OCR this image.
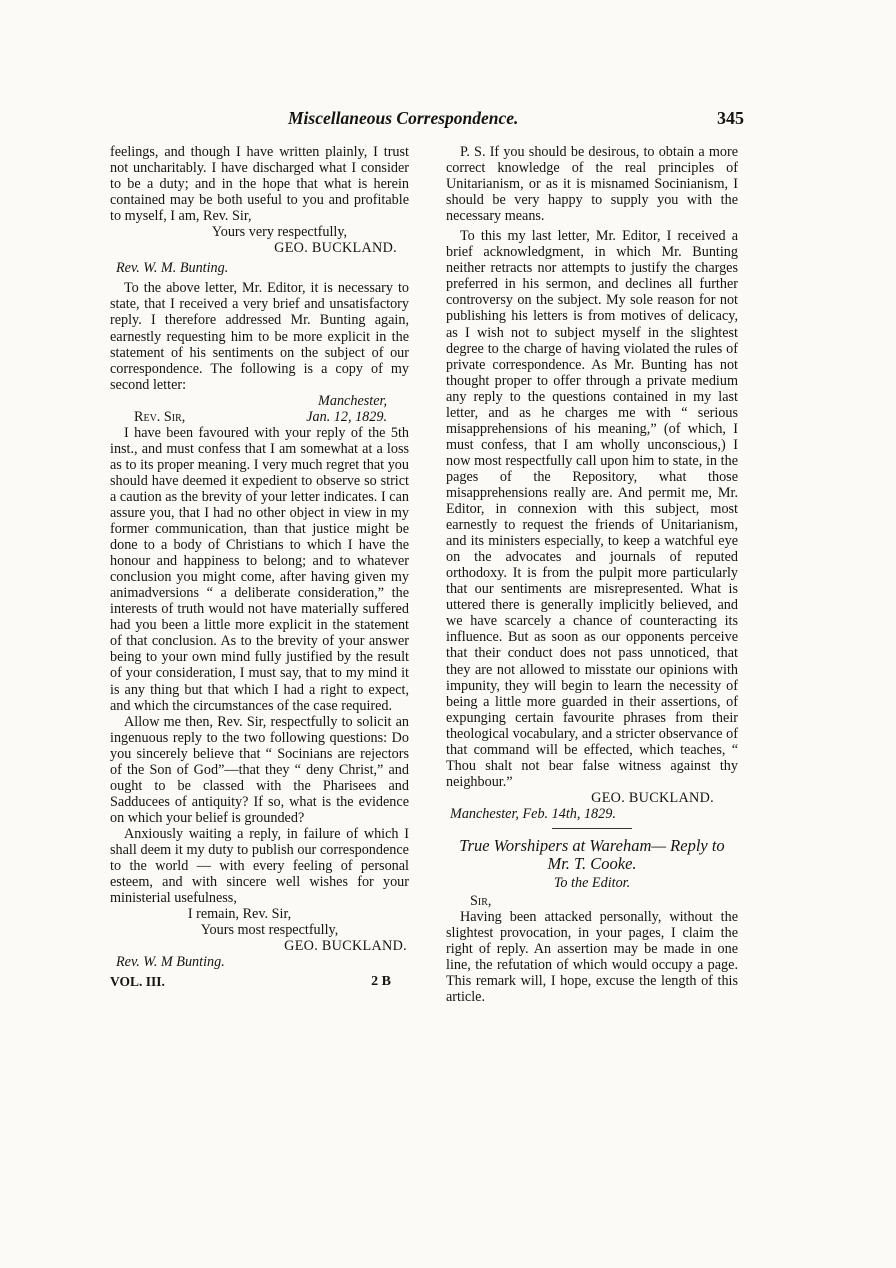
Miscellaneous Correspondence.	345

feelings, and though I have written plainly, I trust not uncharitably. I have discharged what I consider to be a duty; and in the hope that what is herein contained may be both useful to you and profitable to myself, I am, Rev. Sir,

Yours very respectfully,

GEO. BUCKLAND.

Rev. W. M. Bunting.

To the above letter, Mr. Editor, it is necessary to state, that I received a very brief and unsatisfactory reply. I therefore addressed Mr. Bunting again, earnestly requesting him to be more explicit in the statement of his sentiments on the subject of our correspondence. The following is a copy of my second letter:

Manchester,

Rev. Sir,	Jan. 12, 1829.

I have been favoured with your reply of the 5th inst., and must confess that I am somewhat at a loss as to its proper meaning. I very much regret that you should have deemed it expedient to observe so strict a caution as the brevity of your letter indicates. I can assure you, that I had no other object in view in my former communication, than that justice might be done to a body of Christians to which I have the honour and happiness to belong; and to whatever conclusion you might come, after having given my animadversions “ a deliberate consideration,” the interests of truth would not have materially suffered had you been a little more explicit in the statement of that conclusion. As to the brevity of your answer being to your own mind fully justified by the result of your consideration, I must say, that to my mind it is any thing but that which I had a right to expect, and which the circumstances of the case required.

Allow me then, Rev. Sir, respectfully to solicit an ingenuous reply to the two following questions: Do you sincerely believe that “ Socinians are rejectors of the Son of God”—that they “ deny Christ,” and ought to be classed with the Pharisees and Sadducees of antiquity? If so, what is the evidence on which your belief is grounded?

Anxiously waiting a reply, in failure of which I shall deem it my duty to publish our correspondence to the world — with every feeling of personal esteem, and with sincere well wishes for your ministerial usefulness,

I remain, Rev. Sir,

Yours most respectfully,

GEO. BUCKLAND.

Rev. W. M Bunting.

VOL. III.	2 B

P. S. If you should be desirous, to obtain a more correct knowledge of the real principles of Unitarianism, or as it is misnamed Socinianism, I should be very happy to supply you with the necessary means.

To this my last letter, Mr. Editor, I received a brief acknowledgment, in which Mr. Bunting neither retracts nor attempts to justify the charges preferred in his sermon, and declines all further controversy on the subject. My sole reason for not publishing his letters is from motives of delicacy, as I wish not to subject myself in the slightest degree to the charge of having violated the rules of private correspondence. As Mr. Bunting has not thought proper to offer through a private medium any reply to the questions contained in my last letter, and as he charges me with “ serious misapprehensions of his meaning,” (of which, I must confess, that I am wholly unconscious,) I now most respectfully call upon him to state, in the pages of the Repository, what those misapprehensions really are. And permit me, Mr. Editor, in connexion with this subject, most earnestly to request the friends of Unitarianism, and its ministers especially, to keep a watchful eye on the advocates and journals of reputed orthodoxy. It is from the pulpit more particularly that our sentiments are misrepresented. What is uttered there is generally implicitly believed, and we have scarcely a chance of counteracting its influence. But as soon as our opponents perceive that their conduct does not pass unnoticed, that they are not allowed to misstate our opinions with impunity, they will begin to learn the necessity of being a little more guarded in their assertions, of expunging certain favourite phrases from their theological vocabulary, and a stricter observance of that command will be effected, which teaches, “ Thou shalt not bear false witness against thy neighbour.”

GEO. BUCKLAND.

Manchester, Feb. 14th, 1829.

True Worshipers at Wareham— Reply to Mr. T. Cooke.

To the Editor.

Sir,

Having been attacked personally, without the slightest provocation, in your pages, I claim the right of reply. An assertion may be made in one line, the refutation of which would occupy a page. This remark will, I hope, excuse the length of this article.
